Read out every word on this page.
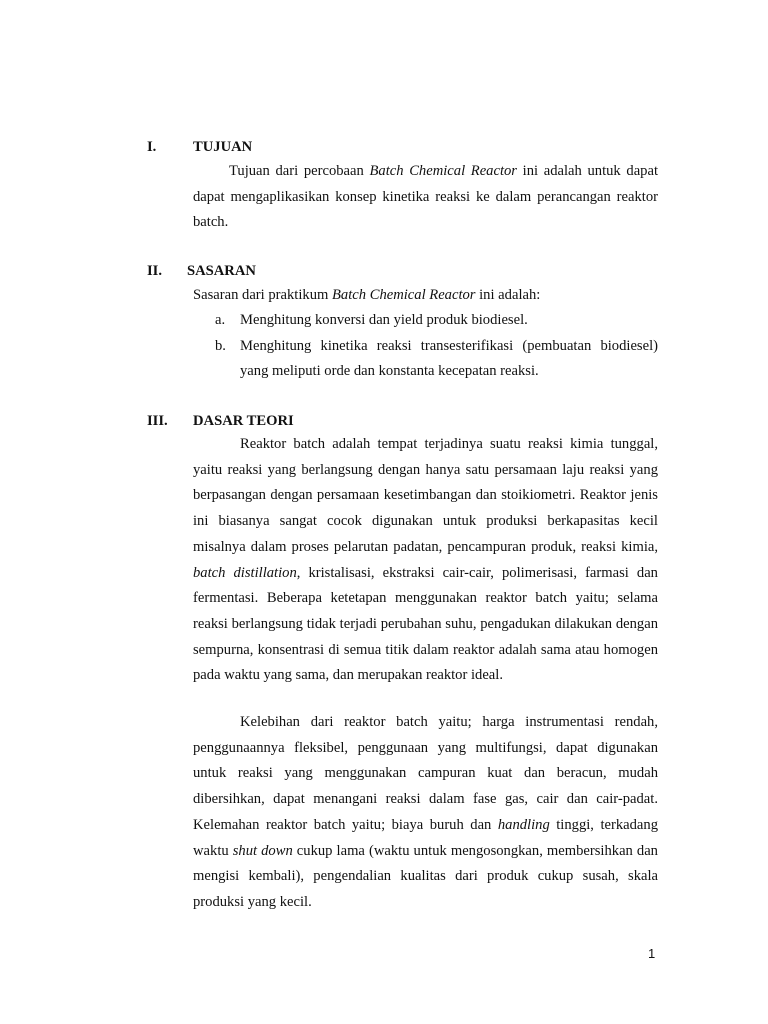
I.	TUJUAN

Tujuan dari percobaan Batch Chemical Reactor ini adalah untuk dapat dapat mengaplikasikan konsep kinetika reaksi ke dalam perancangan reaktor batch.

II. SASARAN

Sasaran dari praktikum Batch Chemical Reactor ini adalah:

a. Menghitung konversi dan yield produk biodiesel.
b. Menghitung kinetika reaksi transesterifikasi (pembuatan biodiesel) yang meliputi orde dan konstanta kecepatan reaksi.
III. DASAR TEORI

Reaktor batch adalah tempat terjadinya suatu reaksi kimia tunggal, yaitu reaksi yang berlangsung dengan hanya satu persamaan laju reaksi yang berpasangan dengan persamaan kesetimbangan dan stoikiometri. Reaktor jenis ini biasanya sangat cocok digunakan untuk produksi berkapasitas kecil misalnya dalam proses pelarutan padatan, pencampuran produk, reaksi kimia, batch distillation, kristalisasi, ekstraksi cair-cair, polimerisasi, farmasi dan fermentasi. Beberapa ketetapan menggunakan reaktor batch yaitu; selama reaksi berlangsung tidak terjadi perubahan suhu, pengadukan dilakukan dengan sempurna, konsentrasi di semua titik dalam reaktor adalah sama atau homogen pada waktu yang sama, dan merupakan reaktor ideal.

Kelebihan dari reaktor batch yaitu; harga instrumentasi rendah, penggunaannya fleksibel, penggunaan yang multifungsi, dapat digunakan untuk reaksi yang menggunakan campuran kuat dan beracun, mudah dibersihkan, dapat menangani reaksi dalam fase gas, cair dan cair-padat. Kelemahan reaktor batch yaitu; biaya buruh dan handling tinggi, terkadang waktu shut down cukup lama (waktu untuk mengosongkan, membersihkan dan mengisi kembali), pengendalian kualitas dari produk cukup susah, skala produksi yang kecil.

1
